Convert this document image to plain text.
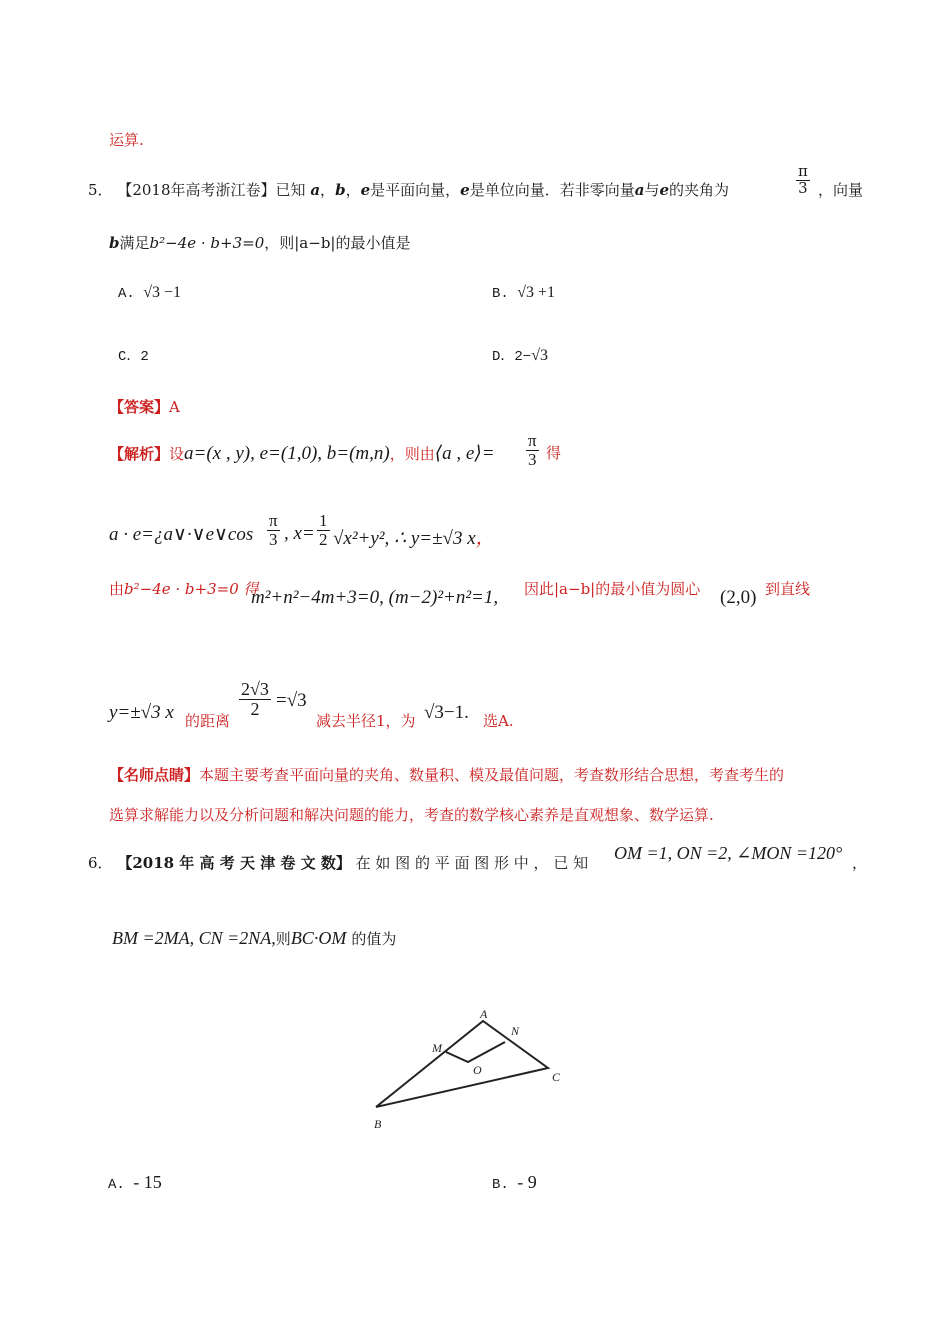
运算.
5． 【2018年高考浙江卷】已知 a，b，e是平面向量，e是单位向量．若非零向量a与e的夹角为	$\frac{\pi}{3}$ ，向量
b满足b²−4e · b+3=0，则|a−b|的最小值是
A. √3 −1	B. √3 +1
C．2	D．2−√3
【答案】A
【解析】设a=(x , y), e=(1,0), b=(m,n)，则由⟨a , e⟩= $\frac{\pi}{3}$ 得
a · e=¿a∨·∨e∨cos $\frac{\pi}{3}$ , $x= \frac{1}{2} √x^2+y^2$, ∴ y=±√3 x，
由b²−4e · b+3=0 得
m²+n²−4m+3=0, (m−2)²+n²=1, 因此|a−b|的最小值为圆心 (2,0) 到直线
y=±√3 x 的距离
$\frac{2√3}{2} =√3$
减去半径1，为 √3−1. 选A.
【名师点睛】本题主要考查平面向量的夹角、数量积、模及最值问题，考查数形结合思想，考查考生的
选算求解能力以及分析问题和解决问题的能力，考查的数学核心素养是直观想象、数学运算.
6． 【2018 年 高 考 天 津 卷 文 数】 在 如 图 的 平 面 图 形 中 ， 已 知 OM =1, ON =2, ∠MON =120° ，
BM =2MA, CN =2NA,则BC·OM 的值为
A
N
M
O	C
B
A. - 15	B. - 9
